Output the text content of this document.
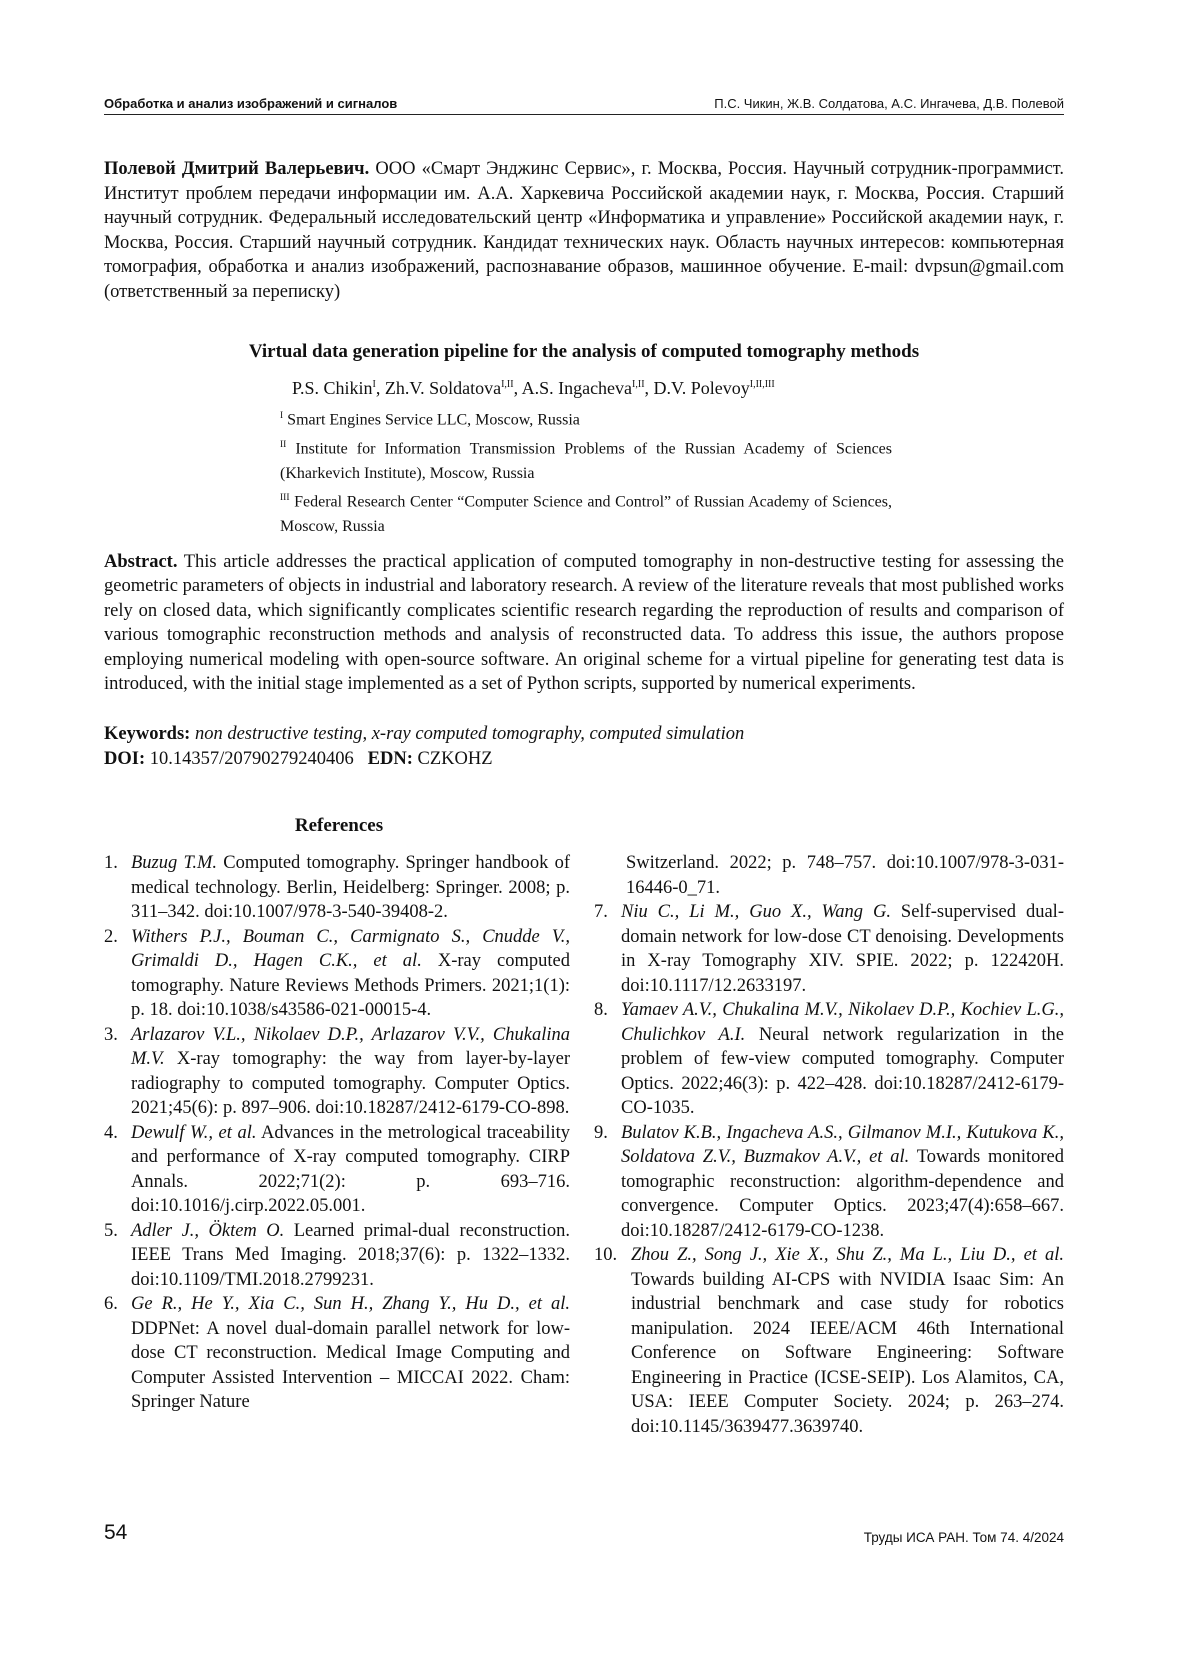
Обработка и анализ изображений и сигналов	П.С. Чикин, Ж.В. Солдатова, А.С. Ингачева, Д.В. Полевой
Полевой Дмитрий Валерьевич. ООО «Смарт Энджинс Сервис», г. Москва, Россия. Научный сотрудник-программист. Институт проблем передачи информации им. А.А. Харкевича Российской академии наук, г. Москва, Россия. Старший научный сотрудник. Федеральный исследовательский центр «Информатика и управление» Российской академии наук, г. Москва, Россия. Старший научный сотрудник. Кандидат технических наук. Область научных интересов: компьютерная томография, обработка и анализ изображений, распознавание образов, машинное обучение. E-mail: dvpsun@gmail.com (ответственный за переписку)
Virtual data generation pipeline for the analysis of computed tomography methods
P.S. Chikin$^I$, Zh.V. Soldatova$^{I,II}$, A.S. Ingacheva$^{I,II}$, D.V. Polevoy$^{I,II,III}$
$^I$ Smart Engines Service LLC, Moscow, Russia
$^{II}$ Institute for Information Transmission Problems of the Russian Academy of Sciences (Kharkevich Institute), Moscow, Russia
$^{III}$ Federal Research Center “Computer Science and Control” of Russian Academy of Sciences, Moscow, Russia
Abstract. This article addresses the practical application of computed tomography in non-destructive testing for assessing the geometric parameters of objects in industrial and laboratory research. A review of the literature reveals that most published works rely on closed data, which significantly complicates scientific research regarding the reproduction of results and comparison of various tomographic reconstruction methods and analysis of reconstructed data. To address this issue, the authors propose employing numerical modeling with open-source software. An original scheme for a virtual pipeline for generating test data is introduced, with the initial stage implemented as a set of Python scripts, supported by numerical experiments.
Keywords: non destructive testing, x-ray computed tomography, computed simulation
DOI: 10.14357/20790279240406 EDN: CZKOHZ
References
1. Buzug T.M. Computed tomography. Springer handbook of medical technology. Berlin, Heidelberg: Springer. 2008; p. 311–342. doi:10.1007/978-3-540-39408-2.
2. Withers P.J., Bouman C., Carmignato S., Cnudde V., Grimaldi D., Hagen C.K., et al. X-ray computed tomography. Nature Reviews Methods Primers. 2021;1(1): p. 18. doi:10.1038/s43586-021-00015-4.
3. Arlazarov V.L., Nikolaev D.P., Arlazarov V.V., Chukalina M.V. X-ray tomography: the way from layer-by-layer radiography to computed tomography. Computer Optics. 2021;45(6): p. 897–906. doi:10.18287/2412-6179-CO-898.
4. Dewulf W., et al. Advances in the metrological traceability and performance of X-ray computed tomography. CIRP Annals. 2022;71(2): p. 693–716. doi:10.1016/j.cirp.2022.05.001.
5. Adler J., Öktem O. Learned primal-dual reconstruction. IEEE Trans Med Imaging. 2018;37(6): p. 1322–1332. doi:10.1109/TMI.2018.2799231.
6. Ge R., He Y., Xia C., Sun H., Zhang Y., Hu D., et al. DDPNet: A novel dual-domain parallel network for low-dose CT reconstruction. Medical Image Computing and Computer Assisted Intervention – MICCAI 2022. Cham: Springer Nature
Switzerland. 2022; p. 748–757. doi:10.1007/978-3-031-16446-0_71.
7. Niu C., Li M., Guo X., Wang G. Self-supervised dual-domain network for low-dose CT denoising. Developments in X-ray Tomography XIV. SPIE. 2022; p. 122420H. doi:10.1117/12.2633197.
8. Yamaev A.V., Chukalina M.V., Nikolaev D.P., Kochiev L.G., Chulichkov A.I. Neural network regularization in the problem of few-view computed tomography. Computer Optics. 2022;46(3): p. 422–428. doi:10.18287/2412-6179-CO-1035.
9. Bulatov K.B., Ingacheva A.S., Gilmanov M.I., Kutukova K., Soldatova Z.V., Buzmakov A.V., et al. Towards monitored tomographic reconstruction: algorithm-dependence and convergence. Computer Optics. 2023;47(4):658–667. doi:10.18287/2412-6179-CO-1238.
10. Zhou Z., Song J., Xie X., Shu Z., Ma L., Liu D., et al. Towards building AI-CPS with NVIDIA Isaac Sim: An industrial benchmark and case study for robotics manipulation. 2024 IEEE/ACM 46th International Conference on Software Engineering: Software Engineering in Practice (ICSE-SEIP). Los Alamitos, CA, USA: IEEE Computer Society. 2024; p. 263–274. doi:10.1145/3639477.3639740.
54	Труды ИСА РАН. Том 74. 4/2024
